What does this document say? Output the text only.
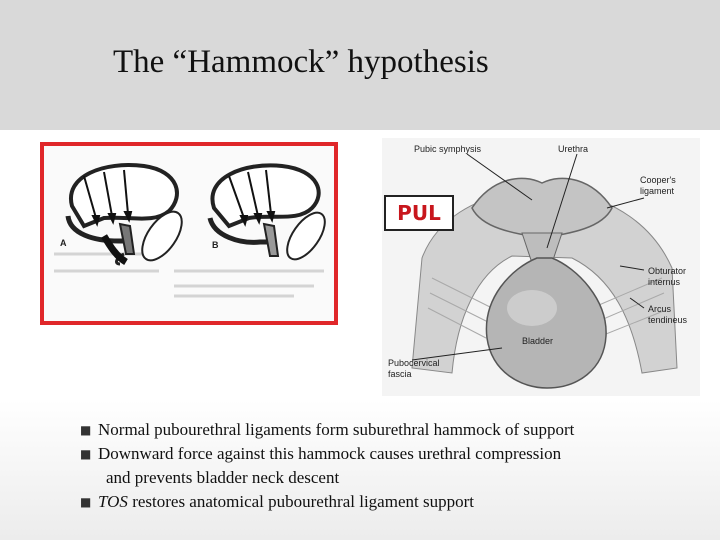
The “Hammock” hypothesis
A	B
Pubic symphysis	Urethra
Cooper's
ligament
Obturator
internus
Arcus
tendineus
Bladder
Pubocervical
fascia
PUL
■ Normal pubourethral ligaments form suburethral hammock of support
■ Downward force against this hammock causes urethral compression
and prevents bladder neck descent
■ TOS restores anatomical pubourethral ligament support
